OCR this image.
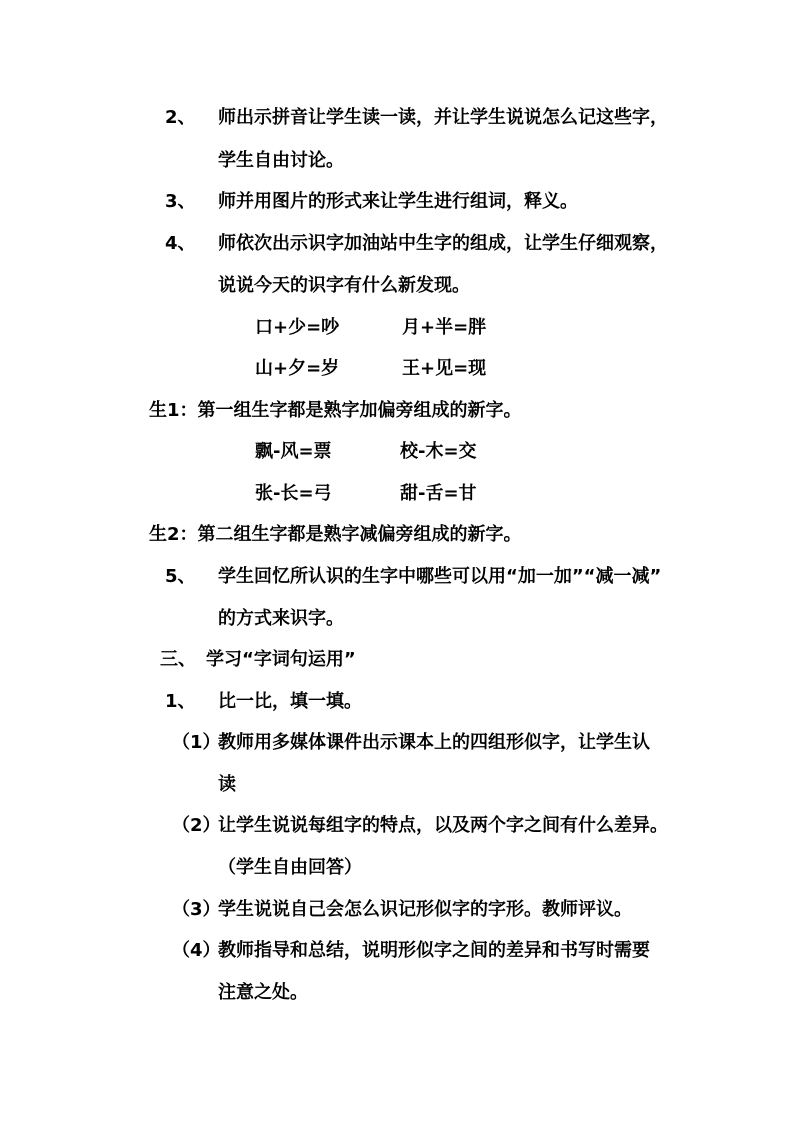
2、 师出示拼音让学生读一读，并让学生说说怎么记这些字，
学生自由讨论。
3、 师并用图片的形式来让学生进行组词，释义。
4、 师依次出示识字加油站中生字的组成，让学生仔细观察，
说说今天的识字有什么新发现。
口+少=吵	月+半=胖
山+夕=岁	王+见=现
生1：第一组生字都是熟字加偏旁组成的新字。
飘-风=票	校-木=交
张-长=弓	甜-舌=甘
生2：第二组生字都是熟字减偏旁组成的新字。
5、 学生回忆所认识的生字中哪些可以用“加一加”“减一减”
的方式来识字。
三、 学习“字词句运用”
1、 比一比，填一填。
（1）
教师用多媒体课件出示课本上的四组形似字，让学生认
读
（2）
让学生说说每组字的特点，以及两个字之间有什么差异。
（学生自由回答）
（3）
学生说说自己会怎么识记形似字的字形。教师评议。
（4）
教师指导和总结，说明形似字之间的差异和书写时需要
注意之处。
